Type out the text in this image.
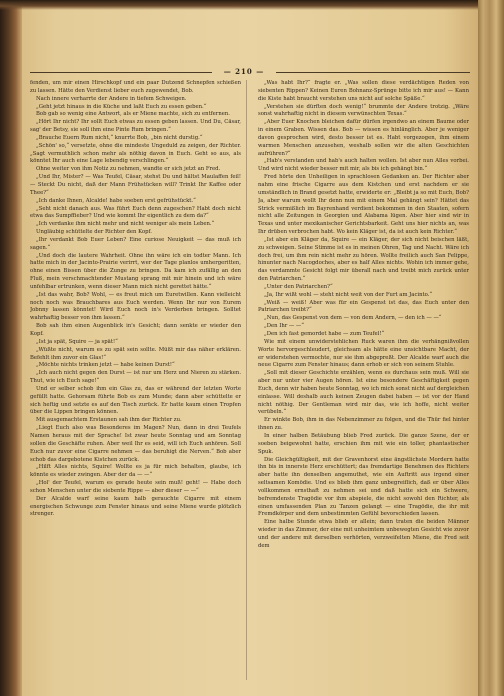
— 210 —

fenden, um mir einen Hirschkopf und ein paar Dutzend Schnepfen schießen zu lassen. Hätte den Verdienst lieber euch zugewendet, Bob.

Nach innere verharrte der Andere in tiefem Schweigen.

„Geht jetzt hinaus in die Küche und laßt Euch zu essen geben.“

Bob gab so wenig eine Antwort, als er Miene machte, sich zu entfernen.

„Hört Ihr nicht? Ihr sollt Euch etwas zu essen geben lassen. Und Du, Cäsar, sag' der Betsy, sie soll ihm eine Pinte Rum bringen.“

„Brauche Euern Rum nicht,“ knurrte Bob, „bin nicht durstig.“

„Schön' so,“ versetzte, ohne die mindeste Ungeduld zu zeigen, der Richter. „Sagt vermuthlich schon mehr als nöthig davon in Euch. Geht so aus, als könntet Ihr auch eine Lage lebendig verschlingen.“

Ohne weiter von ihm Notiz zu nehmen, wandte er sich jetzt an Fred.

„Und Ihr, Mister? — Was Teufel, Cäsar, stehst Du und hältst Maulaffen feil! — Steckt Du nicht, daß der Mann Frühstücken will? Trinkt Ihr Kaffee oder Thee?“

„Ich danke Ihnen, Alcalde! habe soeben erst gefrühstückt.“

„Seht nicht danach aus. Was führt Euch denn zugeschen? Habt doch nicht etwa das Sumpffieber? Und wie kommt Ihr eigentlich zu dem da?“

„Ich verdanke ihm nicht mehr und nicht weniger als mein Leben.“

Ungläubig schüttelte der Richter den Kopf.

„Ihr verdankt Bob Euer Leben? Eine curiose Neuigkeit — das muß ich sagen.“

„Und doch die lautere Wahrheit. Ohne ihn wäre ich ein todter Mann. Ich hatte mich in der Jacinto-Prairie verirrt, wer der Tage planlos umhergeritten, ohne einen Bissen über die Zunge zu bringen. Da kam ich zufällig an den Fluß, mein verschmachtender Mustang sprang mit mir hinein und ich wäre unfehlbar ertrunken, wenn dieser Mann mich nicht gerettet hätte.“

„Ist das wahr, Bob? Wohl, — es freut mich um Euretwillen. Kann vielleicht noch noch was Brauchbares aus Euch werden. Wenn Ihr nur von Eurem Jobnny lassen könntet! Wird Euch noch in's Verderben bringen. Solltet wahrhaftig besser von ihm lassen.“

Bob sah ihm einen Augenblick in's Gesicht; dann senkte er wieder den Kopf.

„Ist ja spät, Squire — ja spät!“

„Wüßte nicht, warum es zu spät sein sollte. Müßt mir das näher erklären. Befehlt ihm zuvor ein Glas!“

„Möchte nichts trinken jetzt — habe keinen Durst!“

„Ich auch nicht gegen den Durst — ist nur um Herz und Nieren zu stärken. Thut, wie ich Euch sage!“

Und er selber schob ihm ein Glas zu, das er während der letzten Worte gefüllt hatte. Gehorsam führte Bob es zum Munde; dann aber schüttelte er sich heftig und setzte es auf den Tisch zurück. Er hatte kaum einen Tropfen über die Lippen bringen können.

Mit ausgemachtem Erstaunen sah ihm der Richter zu.

„Liegt Euch also was Besonderes im Magen? Nun, dann in drei Teufels Namen heraus mit der Sprache! Ist zwar heute Sonntag und am Sonntag sollen die Geschäfte ruhen. Aber weil Ihr es seid, will ich Euch anhören. Soll Euch nur zuvor eine Cigarre nehmen — das beruhigt die Nerven.“ Bob aber schob das dargebotene Kistchen zurück.

„Hilft Alles nichts, Squire! Wollte es ja für mich behalten, glaube, ich könnte es wieder zwingen. Aber der da — —“

„Hol' der Teufel, warum es gerade heute sein muß! geht! — Habe doch schon Menschen unter die siebente Rippe — aber dieser — —“

Der Alcalde warf seine kaum halb gerauchte Cigarre mit einem energischen Schwunge zum Fenster hinaus und seine Miene wurde plötzlich strenger.

„Was habt Ihr?“ fragte er. „Was sollen diese verdächtigen Reden von siebenten Rippen? Keinen Euren Bohnanz-Sprünge bitte ich mir aus! — Kann die Kiste habt braucht verstehen uns nicht auf solche Späße.“

„Verstehen sie dürften doch wenig!“ brummte der Andere trotzig. „Wäre sonst wahrhaftig nicht in diesem verwünschten Texas.“

„Aber Euer Knochen bleichen dafür dürfen irgendwo an einem Baume oder in einem Graben. Wissen das. Bob — wissen es hinlänglich. Aber je weniger davon gesprochen wird, desto besser ist es. Habt vorgezogen, ihm einem warmen Menschen anzusehen, weshalb sollen wir die alten Geschichten aufrühren?“

„Hab's verstanden und hab's auch halten wollen. Ist aber nun Alles vorbei. Und wird nicht wieder besser mit mir, als bis ich gehängt bin.“

Fred hörte den Unheiligen in sprachlosen Gedanken an. Der Richter aber nahm eine frische Cigarre aus dem Kistchen und erst nachdem er sie umständlich in Brand gesetzt hatte, erwiderte er: „Bleibt ja so mit Euch, Bob? Ja, aber warum wollt Ihr denn nun mit einem Mal gehängt sein? Hättet das Strick vermißlich im Bayrenhand verdient bekommen in den Staaten, sofern nicht alle Zeitungen in Georgien und Alabama lügen. Aber hier sind wir in Texas und unter mexikanischer Gerichtsbarkeit. Geht uns hier nichts an, was Ihr drüben verbrochen habt. Wo kein Kläger ist, da ist auch kein Richter.“

„Ist aber ein Kläger da, Squire — ein Kläger, der sich nicht beischen läßt, zu schweigen. Seine Stimme ist es in meinen Ohren, Tag und Nacht. Wäre ich doch frei, um ihm rein nicht mehr zu hören. Wollte freilich auch San Felippe, hinunter nach Nacogdoches, aber es half Alles nichts. Wohin ich immer gehe, das verdammte Gesicht folgt mir überall nach und treibt mich zurück unter den Patriarchen.“

„Unter den Patriarchen?“

„Ja, Ihr wißt wohl — steht nicht weit von der Furt am Jacinto.“

„Weiß — weiß! Aber was für ein Gespenst ist das, das Euch unter den Patriarchen treibt?“

„Nun, das Gespenst von dem — von dem Andern, — den ich — —“

„Den Ihr — —“

„Den ich fast gemordet habe — zum Teufel!“

Wie mit einem unwiderstehlichen Ruck waren ihm die verhängnißvollen Worte hervorgeschleudert, gleichsam als hätte eine unsichtbare Macht, der er widerstehen vermochte, nur sie ihm abgepreßt. Der Alcalde warf auch die neue Cigarre zum Fenster hinaus; dann erhob er sich von seinem Stuhle.

„Soll mit dieser Geschichte erzählen, wenn es durchaus sein muß. Will sie aber nur unter vier Augen hören. Ist eine besondere Geschäftigkeit gegen Euch, denn wir haben heute Sonntag, wo ich mich sonst nicht auf dergleichen einlasse. Will deshalb auch keinen Zeugen dabei haben — ist vor der Hand nicht nöthig. Der Gentleman wird mir das, wie ich hoffe, nicht weiter verübeln.“

Er winkte Bob, ihm in das Nebenzimmer zu folgen, und die Thür fiel hinter ihnen zu.

In einer halben Betäubung blieb Fred zurück. Die ganze Szene, der er soeben beigewohnt hatte, erschien ihm mit wie ein toller, phantastischer Spuk.

Die Gleichgültigkeit, mit der Gravenhorst eine ängstlichste Mordern hatte ihn bis in innerste Herz erschüttert; das fremdartige Benehmen des Richters aber hatte ihn denselben angemuthet, wie ein Auftritt aus irgend einer seltsamen Komödie. Und es blieb ihm ganz unbegreiflich, daß er über Alles vollkommen ernsthaft zu nehmen sei und daß hatte sich ein Schwere, befremdenste Tragödie vor ihm abspiele, die nicht sowohl den Richter, als einen umfassenden Plan zu Tanzen gelangt — eine Tragödie, die ihr mit Fremdkörper und dem unbestimmten Gefühl bevorschieden lassen.

Eine halbe Stunde etwa blieb er allein; dann traten die beiden Männer wieder in das Zimmer, der eine mit unheimtem unbewegten Gesicht wie zuvor und der andere mit derselben verhörten, verzweifelten Miene, die Fred seit dem
